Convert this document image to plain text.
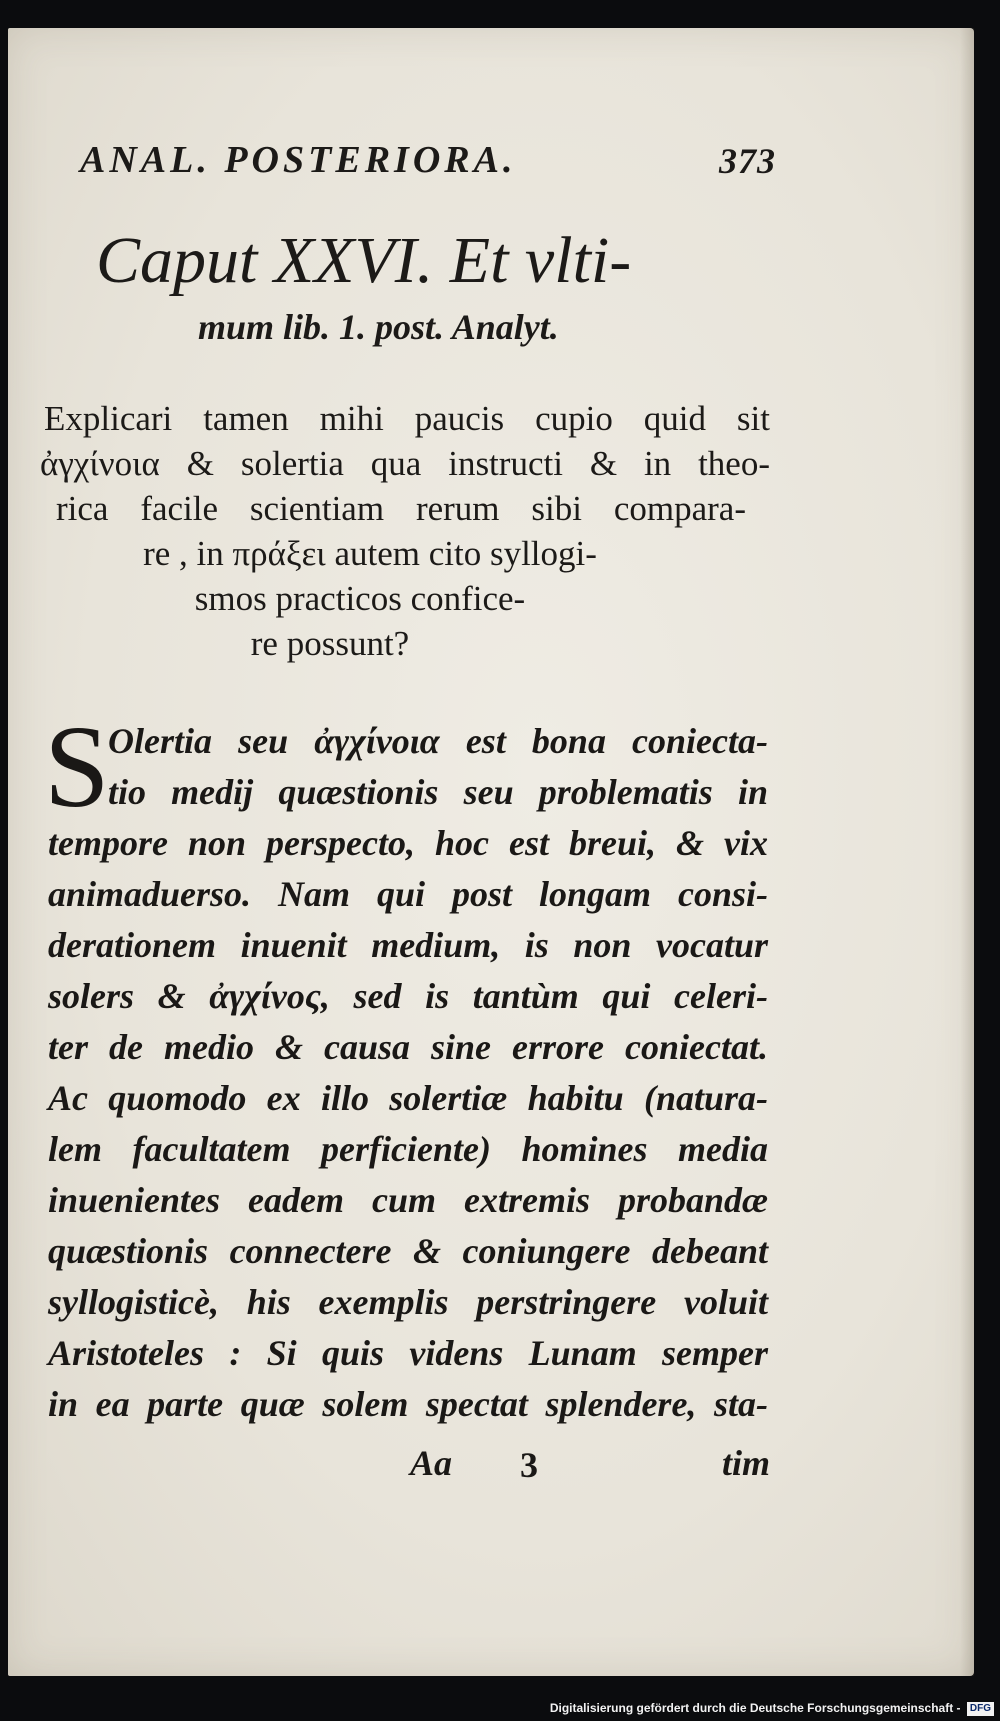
ANAL. POSTERIORA.	373
Caput XXVI. Et vlti-
mum lib. 1. post. Analyt.
Explicari tamen mihi paucis cupio quid sit
ἀγχίνοια & solertia qua instructi & in theo-
rica facile scientiam rerum sibi compara-
re , in πράξει autem cito syllogi-
smos practicos confice-
re possunt?
S
Olertia seu ἀγχίνοια est bona coniecta-
tio medij quæstionis seu problematis in
tempore non perspecto, hoc est breui, & vix
animaduerso. Nam qui post longam consi-
derationem inuenit medium, is non vocatur
solers & ἀγχίνος, sed is tantùm qui celeri-
ter de medio & causa sine errore coniectat.
Ac quomodo ex illo solertiæ habitu (natura-
lem facultatem perficiente) homines media
inuenientes eadem cum extremis probandæ
quæstionis connectere & coniungere debeant
syllogisticè, his exemplis perstringere voluit
Aristoteles : Si quis videns Lunam semper
in ea parte quæ solem spectat splendere, sta-
Aa 3	tim
Digitalisierung gefördert durch die Deutsche Forschungsgemeinschaft - DFG
